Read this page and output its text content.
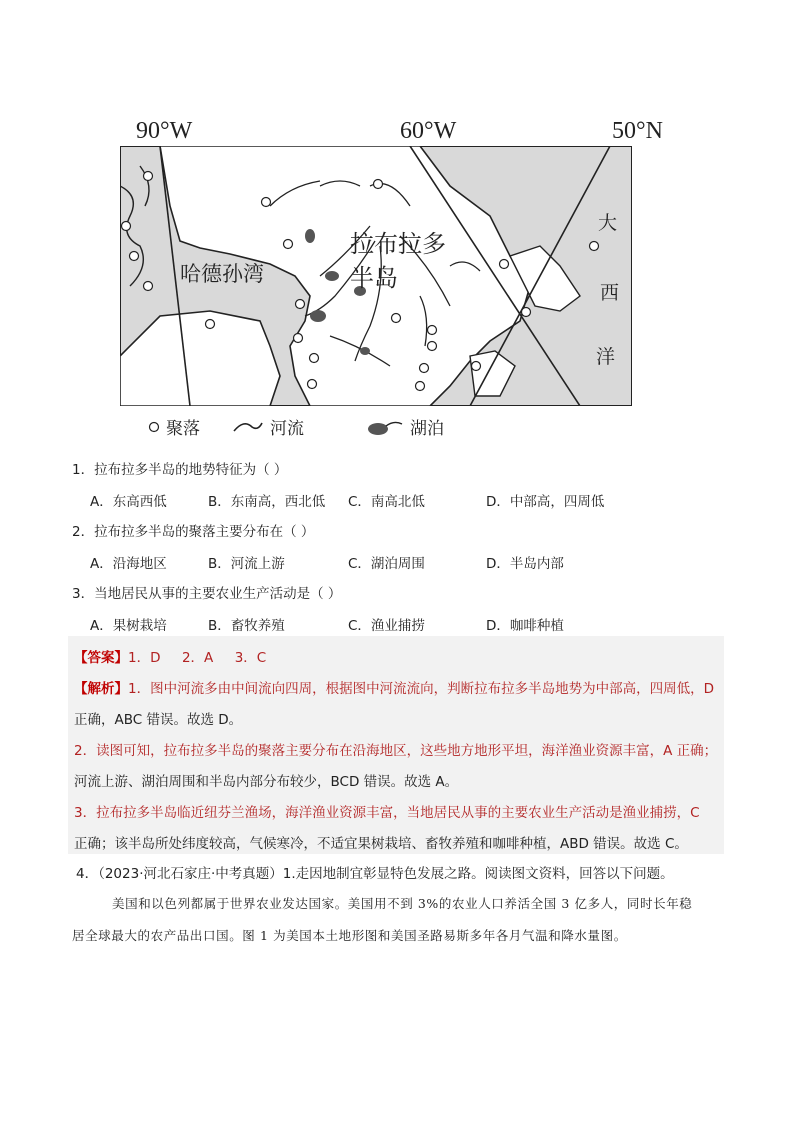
90°W	60°W	50°N
哈德孙湾
拉布拉多
半岛
大
西
洋
聚落	河流	湖泊
1．拉布拉多半岛的地势特征为（ ）
A．东高西低	B．东南高，西北低 C．南高北低	D．中部高，四周低
2．拉布拉多半岛的聚落主要分布在（ ）
A．沿海地区	B．河流上游	C．湖泊周围	D．半岛内部
3．当地居民从事的主要农业生产活动是（ ）
A．果树栽培	B．畜牧养殖	C．渔业捕捞	D．咖啡种植
【答案】1．D     2．A     3．C
【解析】1．图中河流多由中间流向四周，根据图中河流流向，判断拉布拉多半岛地势为中部高，四周低，D
正确，ABC 错误。故选 D。
2．读图可知，拉布拉多半岛的聚落主要分布在沿海地区，这些地方地形平坦，海洋渔业资源丰富，A 正确；
河流上游、湖泊周围和半岛内部分布较少，BCD 错误。故选 A。
3．拉布拉多半岛临近纽芬兰渔场，海洋渔业资源丰富，当地居民从事的主要农业生产活动是渔业捕捞，C
正确；该半岛所处纬度较高，气候寒冷，不适宜果树栽培、畜牧养殖和咖啡种植，ABD 错误。故选 C。
4．（2023·河北石家庄·中考真题）1.走因地制宜彰显特色发展之路。阅读图文资料，回答以下问题。
美国和以色列都属于世界农业发达国家。美国用不到 3%的农业人口养活全国 3 亿多人，同时长年稳
居全球最大的农产品出口国。图 1 为美国本土地形图和美国圣路易斯多年各月气温和降水量图。
